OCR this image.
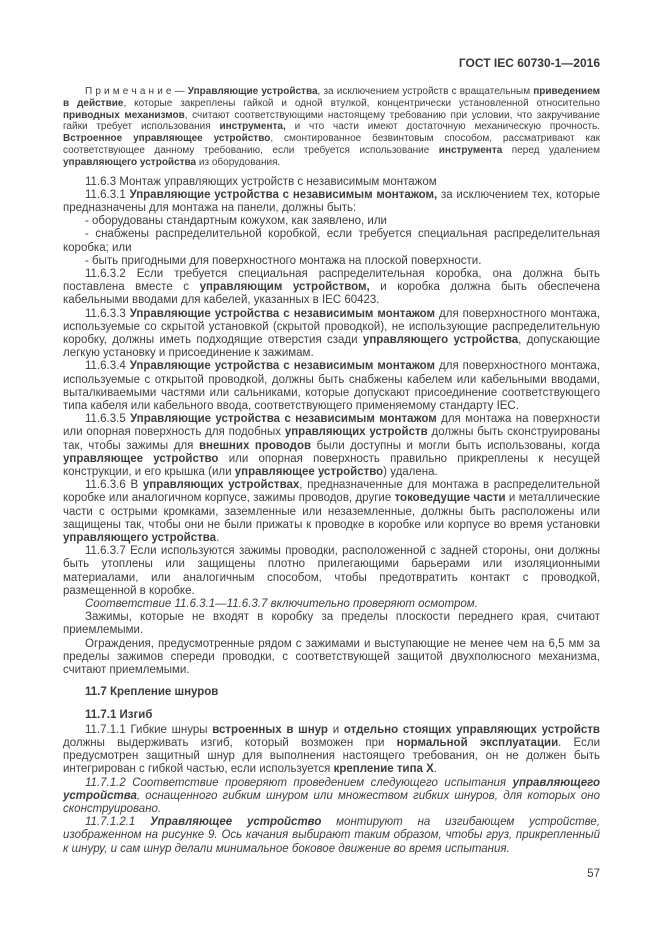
ГОСТ IEC 60730-1—2016

П р и м е ч а н и е — Управляющие устройства, за исключением устройств с вращательным приведением в действие, которые закреплены гайкой и одной втулкой, концентрически установленной относительно приводных механизмов, считают соответствующими настоящему требованию при условии, что закручивание гайки требует использования инструмента, и что части имеют достаточную механическую прочность. Встроенное управляющее устройство, смонтированное безвинтовым способом, рассматривают как соответствующее данному требованию, если требуется использование инструмента перед удалением управляющего устройства из оборудования.

11.6.3 Монтаж управляющих устройств с независимым монтажом

11.6.3.1 Управляющие устройства с независимым монтажом, за исключением тех, которые предназначены для монтажа на панели, должны быть:

- оборудованы стандартным кожухом, как заявлено, или

- снабжены распределительной коробкой, если требуется специальная распределительная коробка; или

- быть пригодными для поверхностного монтажа на плоской поверхности.

11.6.3.2 Если требуется специальная распределительная коробка, она должна быть поставлена вместе с управляющим устройством, и коробка должна быть обеспечена кабельными вводами для кабелей, указанных в IEC 60423.

11.6.3.3 Управляющие устройства с независимым монтажом для поверхностного монтажа, используемые со скрытой установкой (скрытой проводкой), не использующие распределительную коробку, должны иметь подходящие отверстия сзади управляющего устройства, допускающие легкую установку и присоединение к зажимам.

11.6.3.4 Управляющие устройства с независимым монтажом для поверхностного монтажа, используемые с открытой проводкой, должны быть снабжены кабелем или кабельными вводами, выталкиваемыми частями или сальниками, которые допускают присоединение соответствующего типа кабеля или кабельного ввода, соответствующего применяемому стандарту IEC.

11.6.3.5 Управляющие устройства с независимым монтажом для монтажа на поверхности или опорная поверхность для подобных управляющих устройств должны быть сконструированы так, чтобы зажимы для внешних проводов были доступны и могли быть использованы, когда управляющее устройство или опорная поверхность правильно прикреплены к несущей конструкции, и его крышка (или управляющее устройство) удалена.

11.6.3.6 В управляющих устройствах, предназначенные для монтажа в распределительной коробке или аналогичном корпусе, зажимы проводов, другие токоведущие части и металлические части с острыми кромками, заземленные или незаземленные, должны быть расположены или защищены так, чтобы они не были прижаты к проводке в коробке или корпусе во время установки управляющего устройства.

11.6.3.7 Если используются зажимы проводки, расположенной с задней стороны, они должны быть утоплены или защищены плотно прилегающими барьерами или изоляционными материалами, или аналогичным способом, чтобы предотвратить контакт с проводкой, размещенной в коробке.

Соответствие 11.6.3.1—11.6.3.7 включительно проверяют осмотром.

Зажимы, которые не входят в коробку за пределы плоскости переднего края, считают приемлемыми.

Ограждения, предусмотренные рядом с зажимами и выступающие не менее чем на 6,5 мм за пределы зажимов спереди проводки, с соответствующей защитой двухполюсного механизма, считают приемлемыми.

11.7 Крепление шнуров

11.7.1 Изгиб

11.7.1.1 Гибкие шнуры встроенных в шнур и отдельно стоящих управляющих устройств должны выдерживать изгиб, который возможен при нормальной эксплуатации. Если предусмотрен защитный шнур для выполнения настоящего требования, он не должен быть интегрирован с гибкой частью, если используется крепление типа X.

11.7.1.2 Соответствие проверяют проведением следующего испытания управляющего устройства, оснащенного гибким шнуром или множеством гибких шнуров, для которых оно сконструировано.

11.7.1.2.1 Управляющее устройство монтируют на изгибающем устройстве, изображенном на рисунке 9. Ось качания выбирают таким образом, чтобы груз, прикрепленный к шнуру, и сам шнур делали минимальное боковое движение во время испытания.

57
